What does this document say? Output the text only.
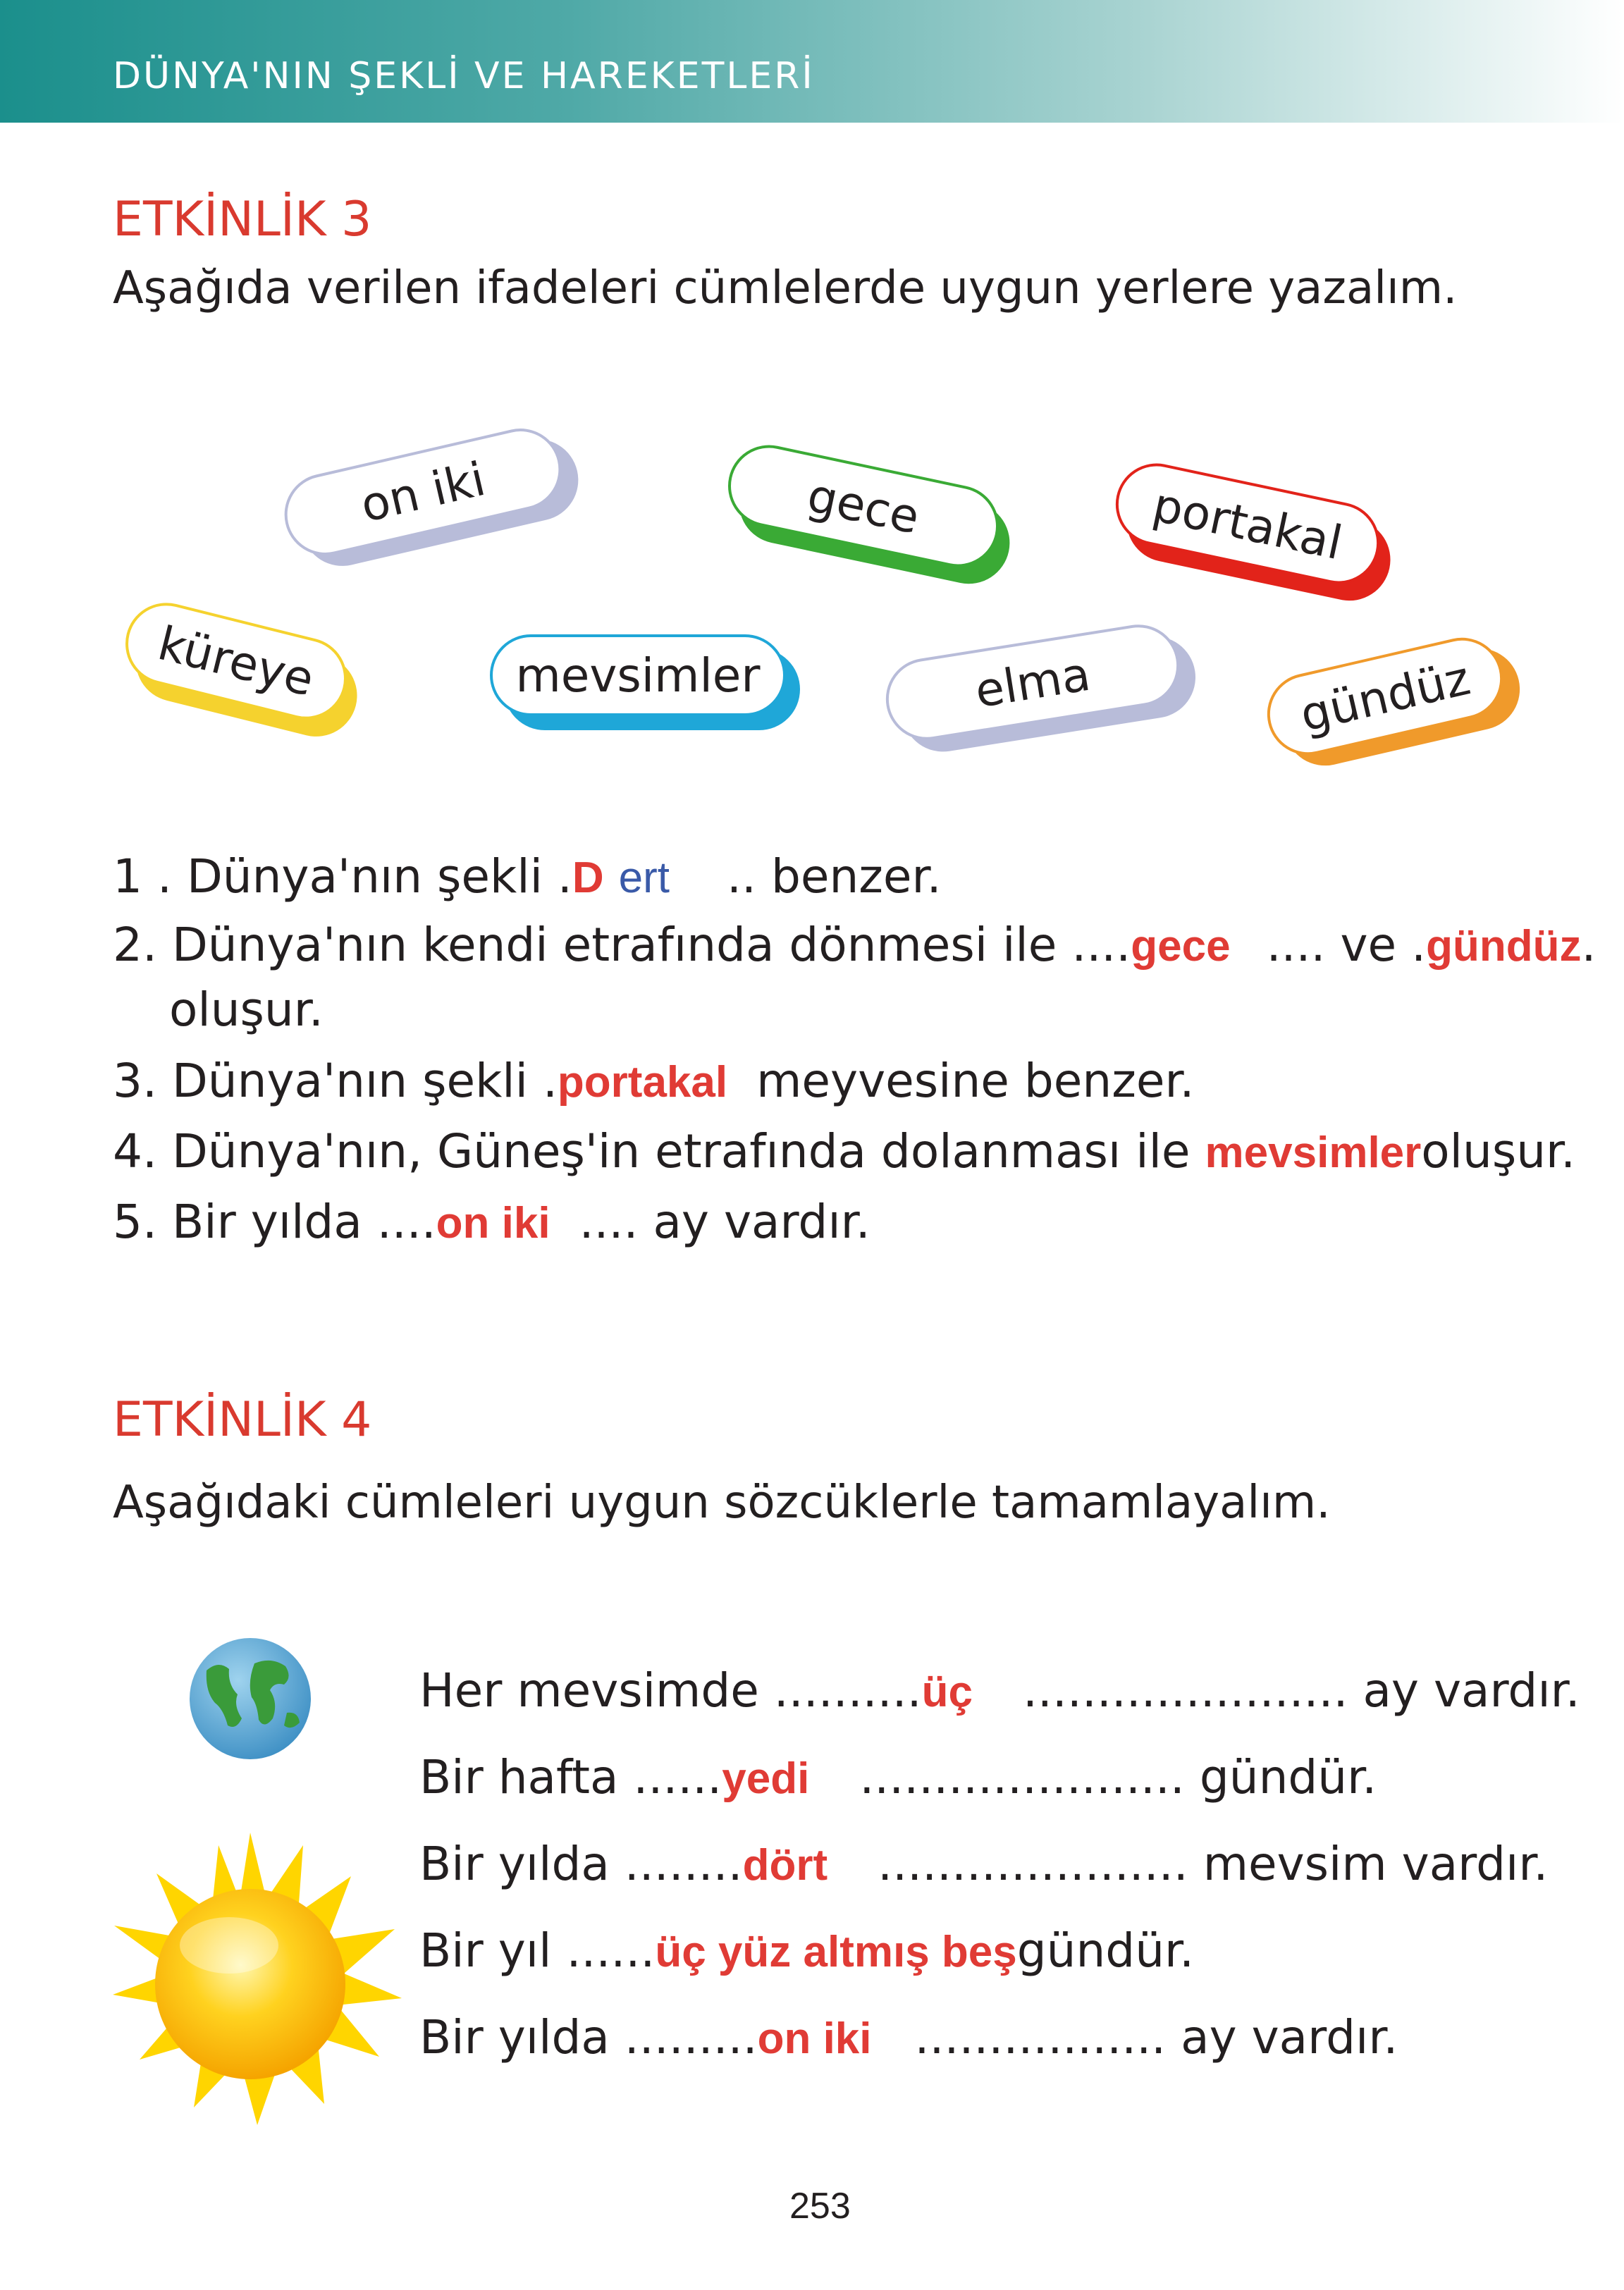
DÜNYA'NIN ŞEKLİ VE HAREKETLERİ
ETKİNLİK 3
Aşağıda verilen ifadeleri cümlelerde uygun yerlere yazalım.
on iki	gece	portakal
küreye	mevsimler	elma	gündüz
1 . Dünya'nın şekli .D ert .. benzer.
2. Dünya'nın kendi etrafında dönmesi ile ....gece .... ve .gündüz.
oluşur.
3. Dünya'nın şekli .portakal meyvesine benzer.
4. Dünya'nın, Güneş'in etrafında dolanması ile mevsimleroluşur.
5. Bir yılda ....on iki .... ay vardır.
ETKİNLİK 4
Aşağıdaki cümleleri uygun sözcüklerle tamamlayalım.
Her mevsimde ..........üç ...................... ay vardır.
Bir hafta ......yedi ...................... gündür.
Bir yılda ........dört ..................... mevsim vardır.
Bir yıl ......üç yüz altmış beşgündür.
Bir yılda .........on iki ................. ay vardır.
253
